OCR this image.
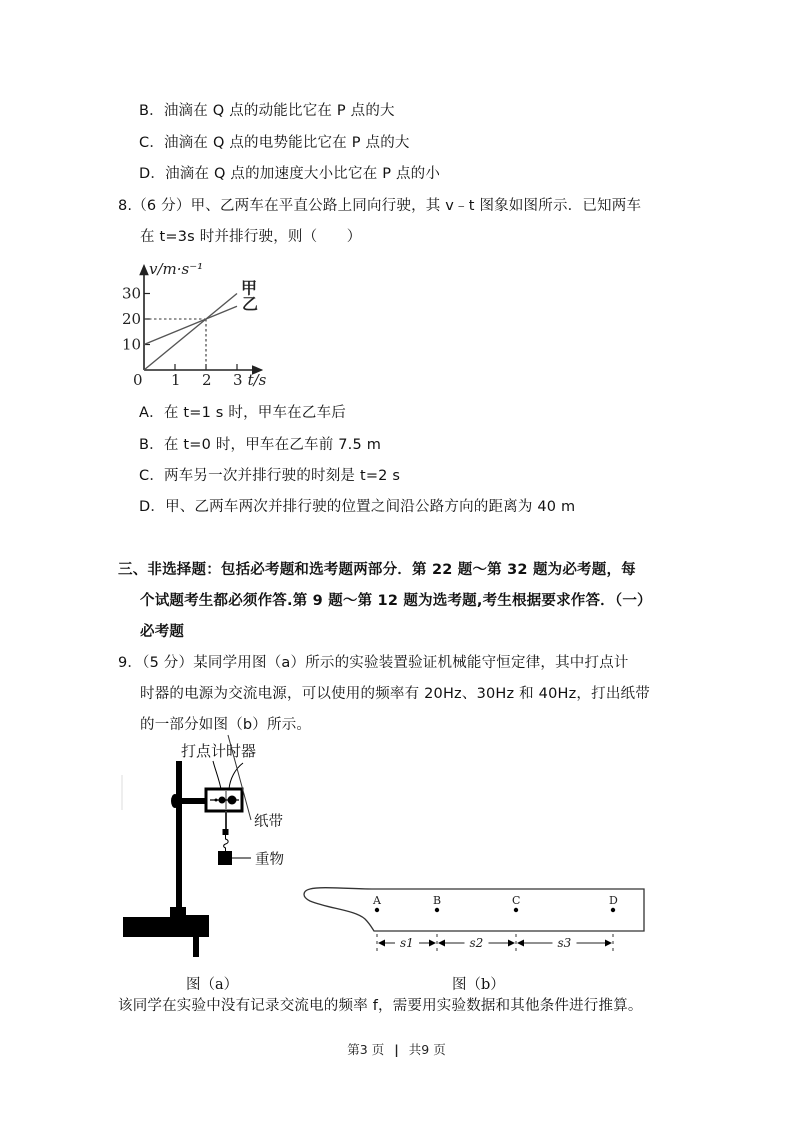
B．油滴在 Q 点的动能比它在 P 点的大
C．油滴在 Q 点的电势能比它在 P 点的大
D．油滴在 Q 点的加速度大小比它在 P 点的小
8.（6 分）甲、乙两车在平直公路上同向行驶，其 v﹣t 图象如图所示．已知两车
在 t=3s 时并排行驶，则（　　）
0 1 2 3
10
20
30	甲
乙
v/m·s⁻¹
t/s
A．在 t=1 s 时，甲车在乙车后
B．在 t=0 时，甲车在乙车前 7.5 m
C．两车另一次并排行驶的时刻是 t=2 s
D．甲、乙两车两次并排行驶的位置之间沿公路方向的距离为 40 m
三、非选择题：包括必考题和选考题两部分．第 22 题～第 32 题为必考题，每
个试题考生都必须作答.第 9 题～第 12 题为选考题,考生根据要求作答．（一）
必考题
9．（5 分）某同学用图（a）所示的实验装置验证机械能守恒定律，其中打点计
时器的电源为交流电源，可以使用的频率有 20Hz、30Hz 和 40Hz，打出纸带
的一部分如图（b）所示。
打点计时器
纸带
重物
A	B	C	D
s1	s2	s3
图（a）	图（b）
该同学在实验中没有记录交流电的频率 f，需要用实验数据和其他条件进行推算。
第3 页 | 共9 页
